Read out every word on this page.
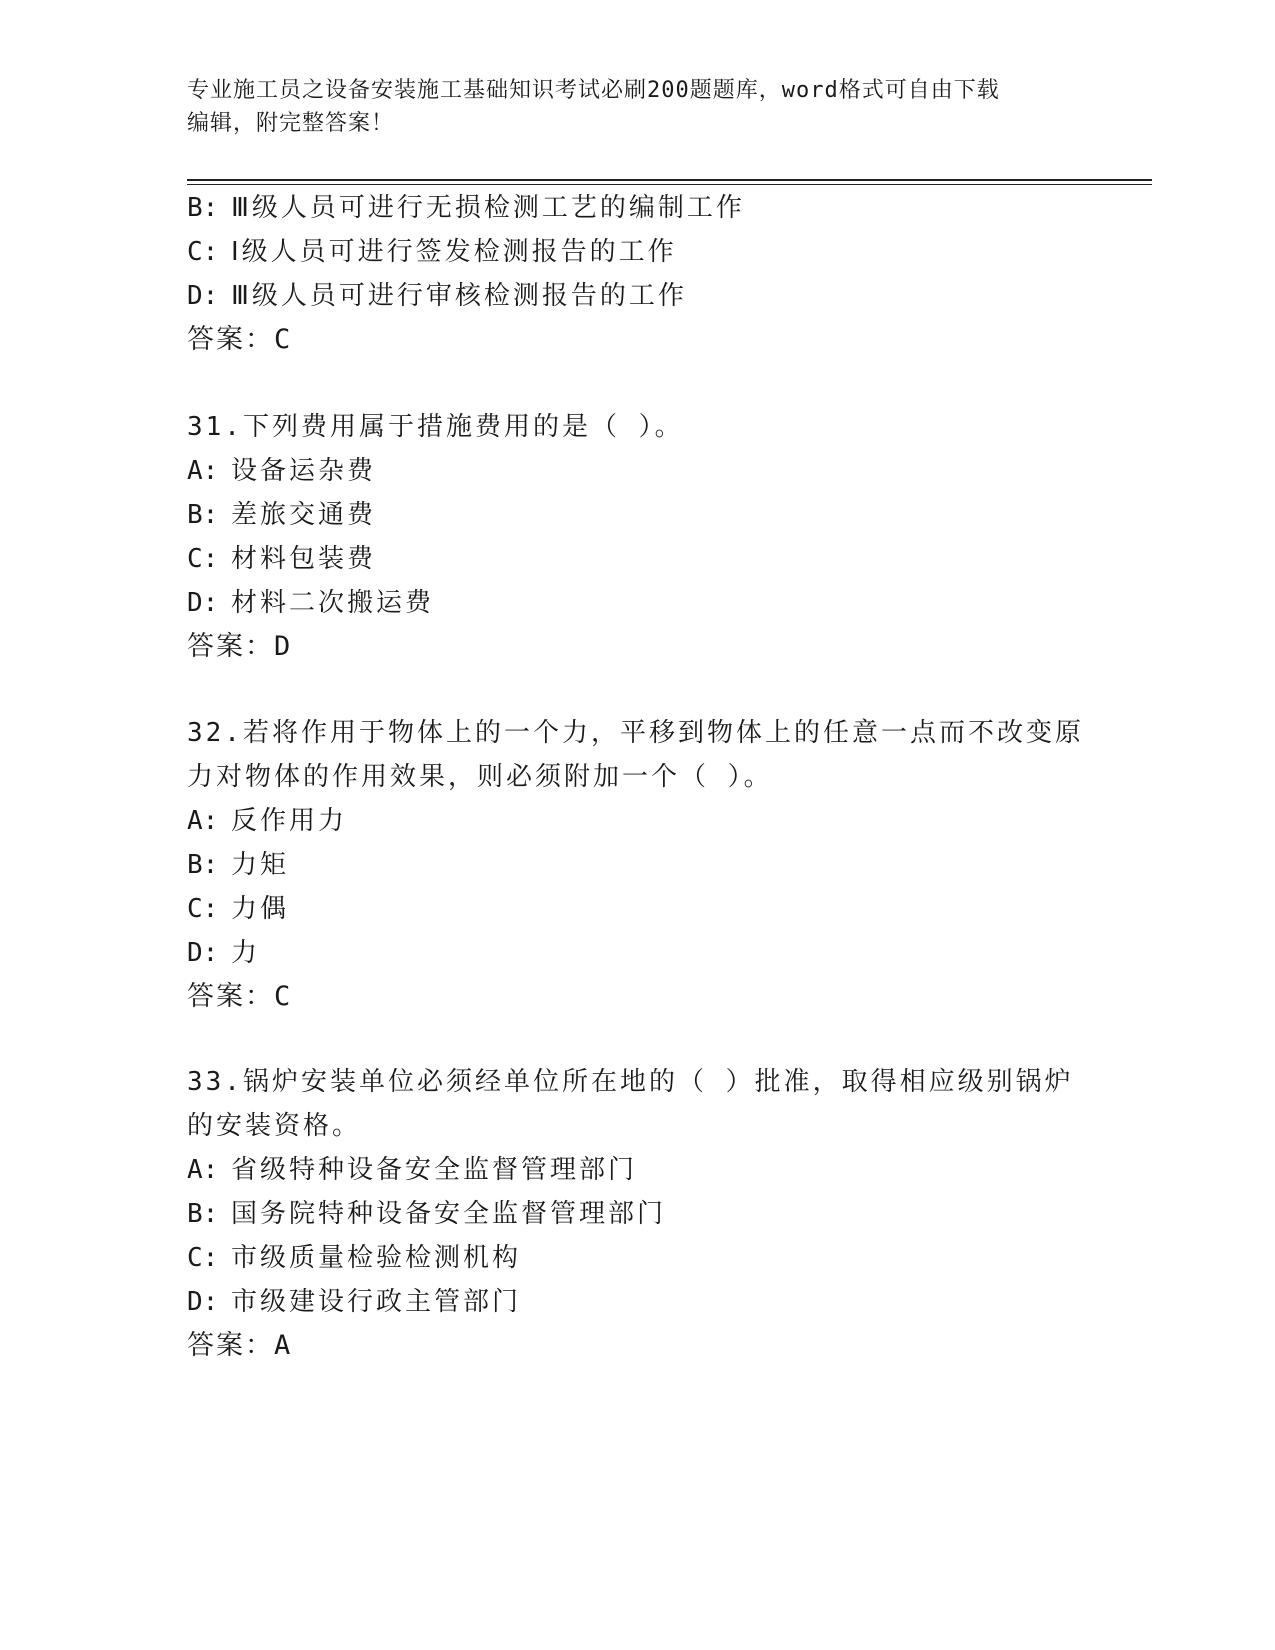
专业施工员之设备安装施工基础知识考试必刷200题题库，word格式可自由下载
编辑，附完整答案！
B: Ⅲ级人员可进行无损检测工艺的编制工作
C: Ⅰ级人员可进行签发检测报告的工作
D: Ⅲ级人员可进行审核检测报告的工作
答案：C
31.下列费用属于措施费用的是（ ）。
A: 设备运杂费
B: 差旅交通费
C: 材料包装费
D: 材料二次搬运费
答案：D
32.若将作用于物体上的一个力，平移到物体上的任意一点而不改变原
力对物体的作用效果，则必须附加一个（ ）。
A: 反作用力
B: 力矩
C: 力偶
D: 力
答案：C
33.锅炉安装单位必须经单位所在地的（ ）批准，取得相应级别锅炉
的安装资格。
A: 省级特种设备安全监督管理部门
B: 国务院特种设备安全监督管理部门
C: 市级质量检验检测机构
D: 市级建设行政主管部门
答案：A
